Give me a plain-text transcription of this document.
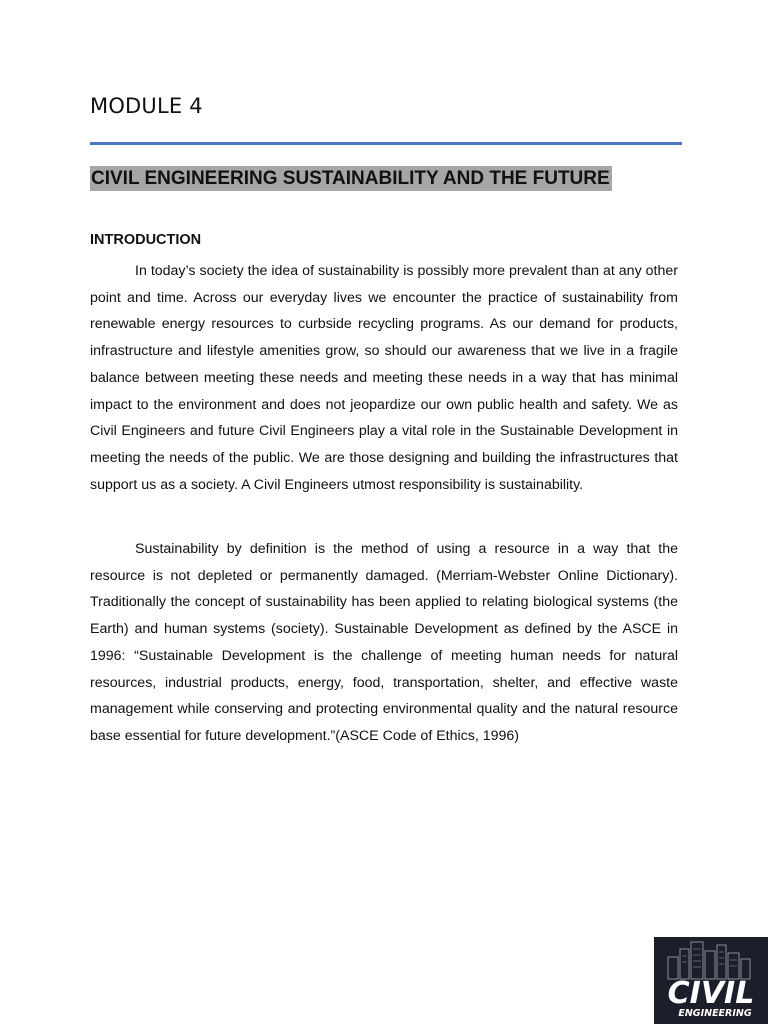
MODULE 4
CIVIL ENGINEERING SUSTAINABILITY AND THE FUTURE
INTRODUCTION

In today’s society the idea of sustainability is possibly more prevalent than at any other point and time. Across our everyday lives we encounter the practice of sustainability from renewable energy resources to curbside recycling programs. As our demand for products, infrastructure and lifestyle amenities grow, so should our awareness that we live in a fragile balance between meeting these needs and meeting these needs in a way that has minimal impact to the environment and does not jeopardize our own public health and safety. We as Civil Engineers and future Civil Engineers play a vital role in the Sustainable Development in meeting the needs of the public. We are those designing and building the infrastructures that support us as a society. A Civil Engineers utmost responsibility is sustainability.

Sustainability by definition is the method of using a resource in a way that the resource is not depleted or permanently damaged. (Merriam-Webster Online Dictionary). Traditionally the concept of sustainability has been applied to relating biological systems (the Earth) and human systems (society). Sustainable Development as defined by the ASCE in 1996: “Sustainable Development is the challenge of meeting human needs for natural resources, industrial products, energy, food, transportation, shelter, and effective waste management while conserving and protecting environmental quality and the natural resource base essential for future development.”(ASCE Code of Ethics, 1996)

CIVIL
ENGINEERING
